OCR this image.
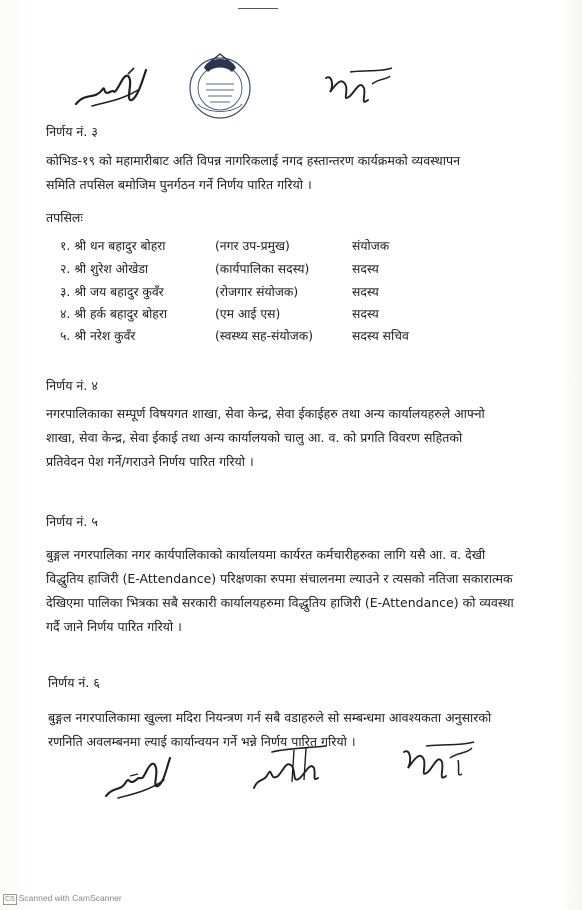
निर्णय नं. ३

कोभिड-१९ को महामारीबाट अति विपन्न नागरिकलाई नगद हस्तान्तरण कार्यक्रमको व्यवस्थापन

समिति तपसिल बमोजिम पुनर्गठन गर्ने निर्णय पारित गरियो ।

तपसिलः
१. श्री धन बहादुर बोहरा	(नगर उप-प्रमुख)	संयोजक
२. श्री शुरेश ओखेडा	(कार्यपालिका सदस्य)	सदस्य
३. श्री जय बहादुर कुवँर	(रोजगार संयोजक)	सदस्य
४. श्री हर्क बहादुर बोहरा	(एम आई एस)	सदस्य
५. श्री नरेश कुवँर	(स्वस्थ्य सह-संयोजक)	सदस्य सचिव
निर्णय नं. ४

नगरपालिकाका सम्पूर्ण विषयगत शाखा, सेवा केन्द्र, सेवा ईकाईहरु तथा अन्य कार्यालयहरुले आफ्नो

शाखा, सेवा केन्द्र, सेवा ईकाई तथा अन्य कार्यालयको चालु आ. व. को प्रगति विवरण सहितको

प्रतिवेदन पेश गर्ने/गराउने निर्णय पारित गरियो ।

निर्णय नं. ५

बुङ्गल नगरपालिका नगर कार्यपालिकाको कार्यालयमा कार्यरत कर्मचारीहरुका लागि यसै आ. व. देखी

विद्धुतिय हाजिरी (E-Attendance) परिक्षणका रुपमा संचालनमा ल्याउने र त्यसको नतिजा सकारात्मक

देखिएमा पालिका भित्रका सबै सरकारी कार्यालयहरुमा विद्धुतिय हाजिरी (E-Attendance) को व्यवस्था

गर्दै जाने निर्णय पारित गरियो ।

निर्णय नं. ६

बुङ्गल नगरपालिकामा खुल्ला मदिरा नियन्त्रण गर्न सबै वडाहरुले सो सम्बन्धमा आवश्यकता अनुसारको

रणनिति अवलम्बनमा ल्याई कार्यान्वयन गर्ने भन्ने निर्णय पारित गरियो ।

CS Scanned with CamScanner
